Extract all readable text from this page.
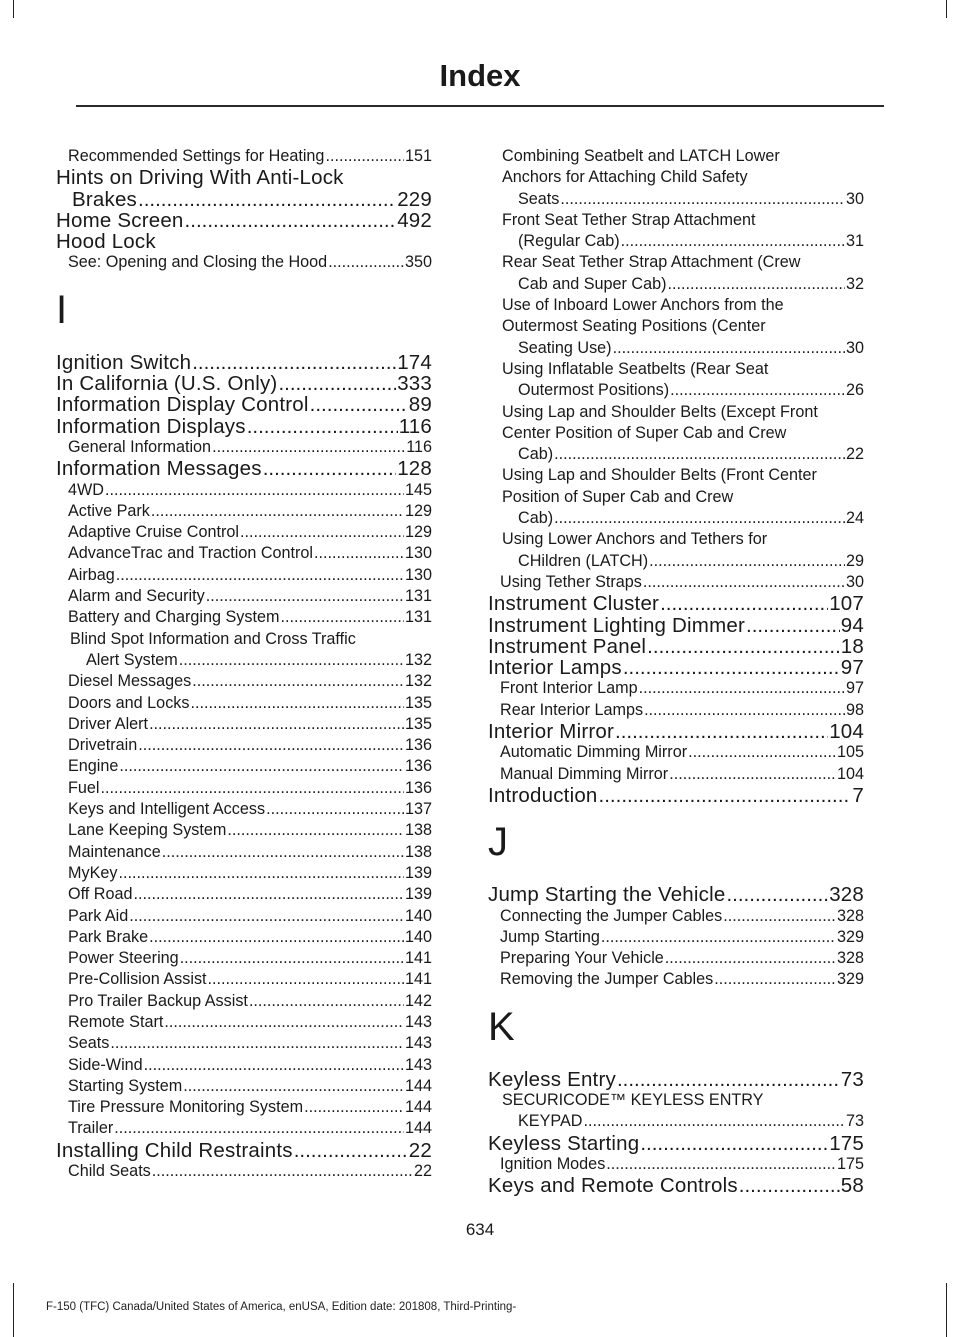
Index
Recommended Settings for Heating .....	151
Hints on Driving With Anti-Lock
Brakes .....	229
Home Screen .....	492
Hood Lock
See: Opening and Closing the Hood .....	350
I
Ignition Switch .....	174
In California (U.S. Only) .....	333
Information Display Control .....	89
Information Displays .....	116
General Information .....	116
Information Messages .....	128
4WD .....	145
Active Park .....	129
Adaptive Cruise Control .....	129
AdvanceTrac and Traction Control .....	130
Airbag .....	130
Alarm and Security .....	131
Battery and Charging System .....	131
Blind Spot Information and Cross Traffic
Alert System .....	132
Diesel Messages .....	132
Doors and Locks .....	135
Driver Alert .....	135
Drivetrain .....	136
Engine .....	136
Fuel .....	136
Keys and Intelligent Access .....	137
Lane Keeping System .....	138
Maintenance .....	138
MyKey .....	139
Off Road .....	139
Park Aid .....	140
Park Brake .....	140
Power Steering .....	141
Pre-Collision Assist .....	141
Pro Trailer Backup Assist .....	142
Remote Start .....	143
Seats .....	143
Side-Wind .....	143
Starting System .....	144
Tire Pressure Monitoring System .....	144
Trailer .....	144
Installing Child Restraints .....	22
Child Seats .....	22
Combining Seatbelt and LATCH Lower
Anchors for Attaching Child Safety
Seats .....	30
Front Seat Tether Strap Attachment
(Regular Cab) .....	31
Rear Seat Tether Strap Attachment (Crew
Cab and Super Cab) .....	32
Use of Inboard Lower Anchors from the
Outermost Seating Positions (Center
Seating Use) .....	30
Using Inflatable Seatbelts (Rear Seat
Outermost Positions) .....	26
Using Lap and Shoulder Belts (Except Front
Center Position of Super Cab and Crew
Cab) .....	22
Using Lap and Shoulder Belts (Front Center
Position of Super Cab and Crew
Cab) .....	24
Using Lower Anchors and Tethers for
CHildren (LATCH) .....	29
Using Tether Straps .....	30
Instrument Cluster .....	107
Instrument Lighting Dimmer .....	94
Instrument Panel .....	18
Interior Lamps .....	97
Front Interior Lamp .....	97
Rear Interior Lamps .....	98
Interior Mirror .....	104
Automatic Dimming Mirror .....	105
Manual Dimming Mirror .....	104
Introduction .....	7
J
Jump Starting the Vehicle .....	328
Connecting the Jumper Cables .....	328
Jump Starting .....	329
Preparing Your Vehicle .....	328
Removing the Jumper Cables .....	329
K
Keyless Entry .....	73
SECURICODE™ KEYLESS ENTRY
KEYPAD .....	73
Keyless Starting .....	175
Ignition Modes .....	175
Keys and Remote Controls .....	58
634
F-150 (TFC) Canada/United States of America, enUSA, Edition date: 201808, Third-Printing-
